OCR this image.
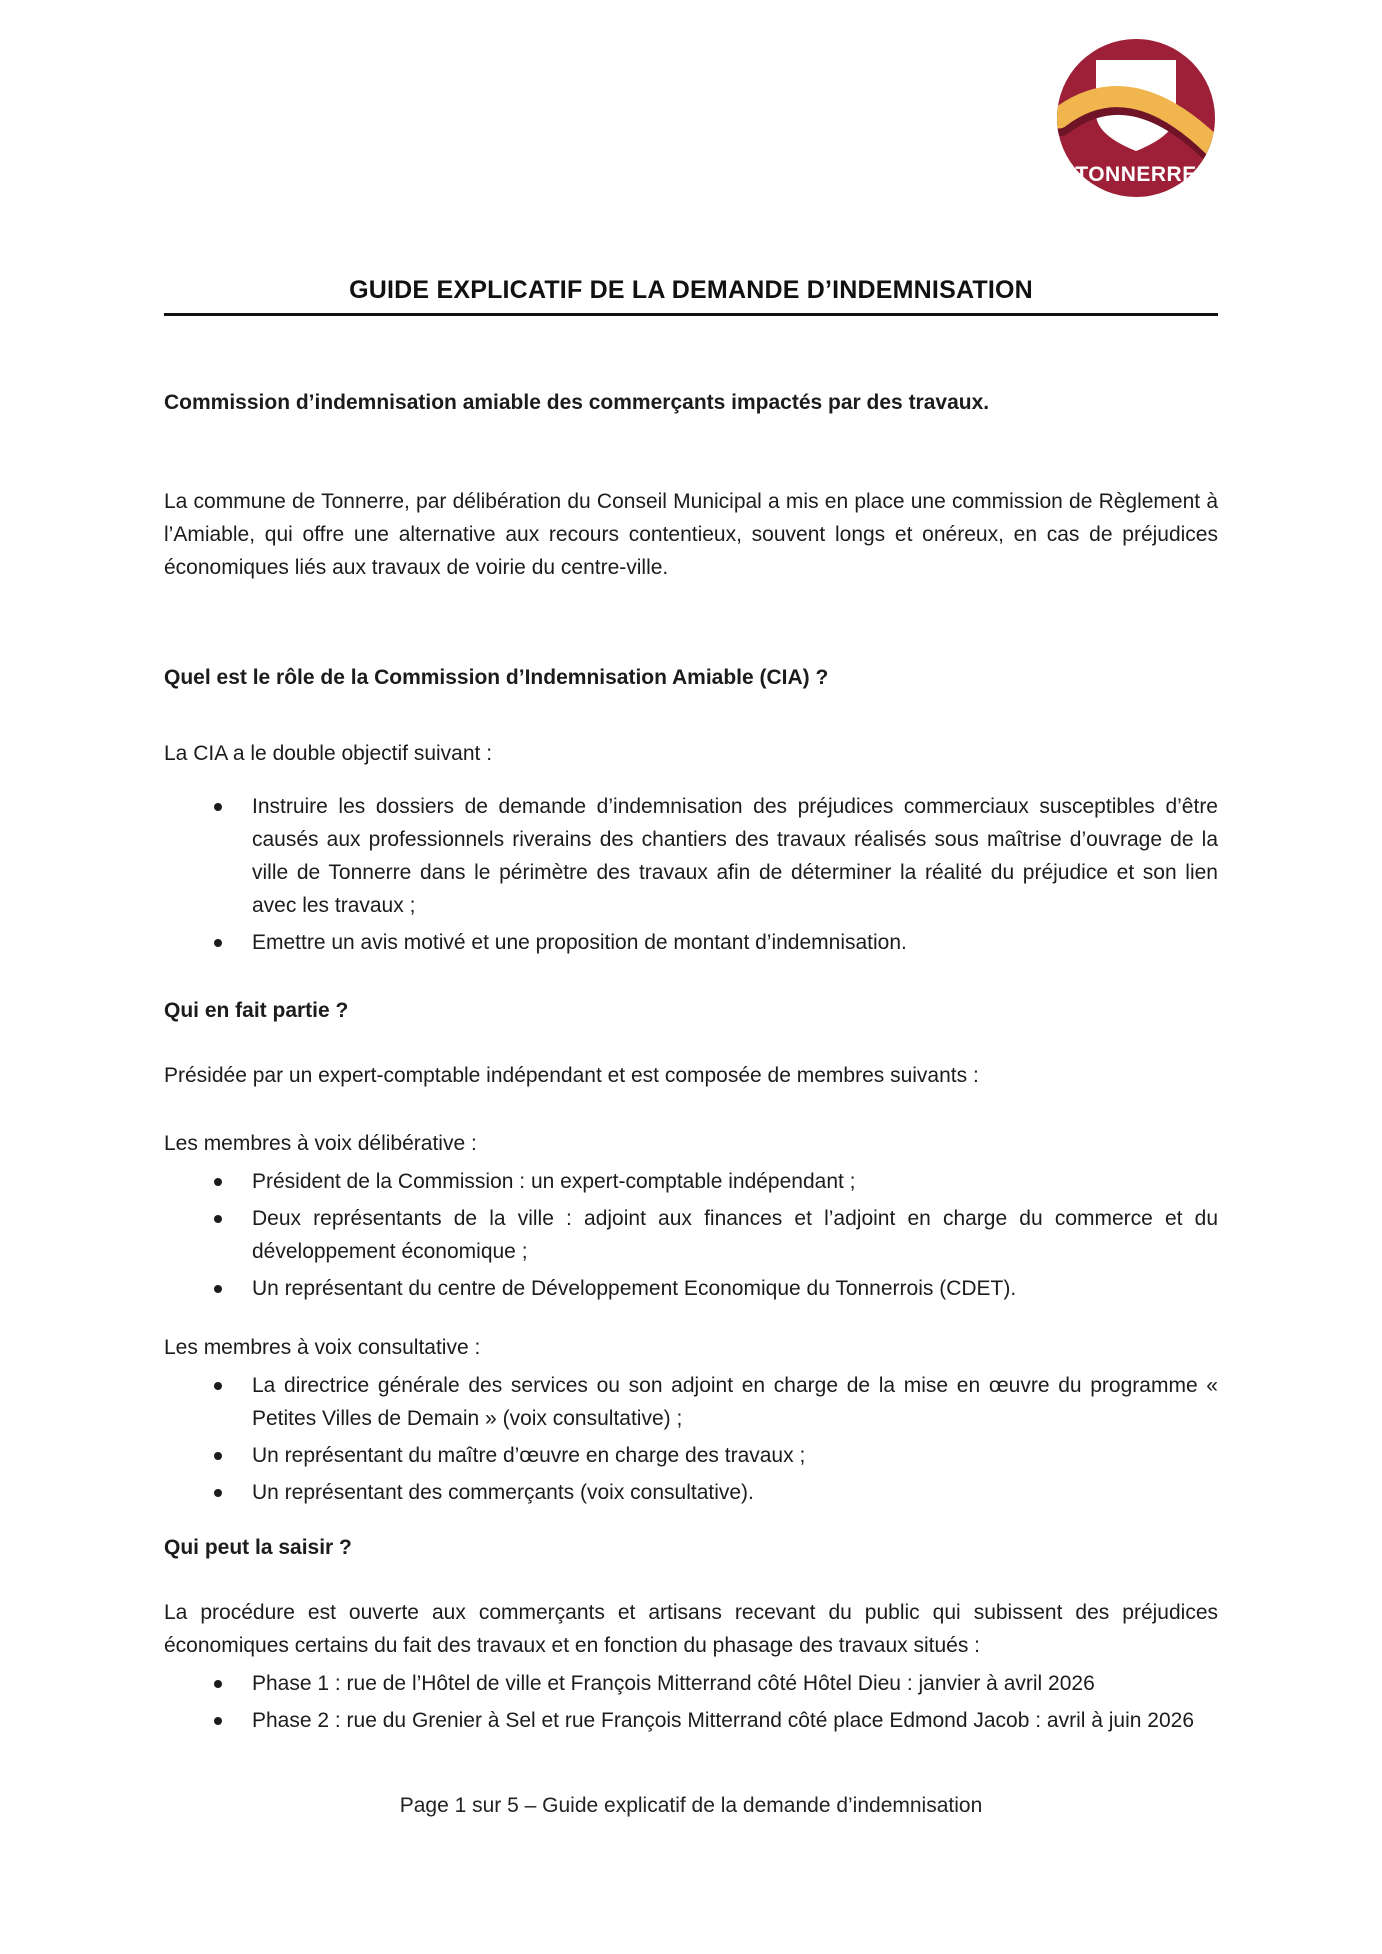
TONNERRE
GUIDE EXPLICATIF DE LA DEMANDE D’INDEMNISATION

Commission d’indemnisation amiable des commerçants impactés par des travaux.

La commune de Tonnerre, par délibération du Conseil Municipal a mis en place une commission de Règlement à l’Amiable, qui offre une alternative aux recours contentieux, souvent longs et onéreux, en cas de préjudices économiques liés aux travaux de voirie du centre-ville.

Quel est le rôle de la Commission d’Indemnisation Amiable (CIA) ?

La CIA a le double objectif suivant :

Instruire les dossiers de demande d’indemnisation des préjudices commerciaux susceptibles d’être causés aux professionnels riverains des chantiers des travaux réalisés sous maîtrise d’ouvrage de la ville de Tonnerre dans le périmètre des travaux afin de déterminer la réalité du préjudice et son lien avec les travaux ;
Emettre un avis motivé et une proposition de montant d’indemnisation.

Qui en fait partie ?

Présidée par un expert-comptable indépendant et est composée de membres suivants :

Les membres à voix délibérative :

Président de la Commission : un expert-comptable indépendant ;
Deux représentants de la ville : adjoint aux finances et l’adjoint en charge du commerce et du développement économique ;
Un représentant du centre de Développement Economique du Tonnerrois (CDET).

Les membres à voix consultative :

La directrice générale des services ou son adjoint en charge de la mise en œuvre du programme « Petites Villes de Demain » (voix consultative) ;
Un représentant du maître d’œuvre en charge des travaux ;
Un représentant des commerçants (voix consultative).

Qui peut la saisir ?

La procédure est ouverte aux commerçants et artisans recevant du public qui subissent des préjudices économiques certains du fait des travaux et en fonction du phasage des travaux situés :

Phase 1 : rue de l’Hôtel de ville et François Mitterrand côté Hôtel Dieu : janvier à avril 2026
Phase 2 : rue du Grenier à Sel et rue François Mitterrand côté place Edmond Jacob : avril à juin 2026
Page 1 sur 5 – Guide explicatif de la demande d’indemnisation
